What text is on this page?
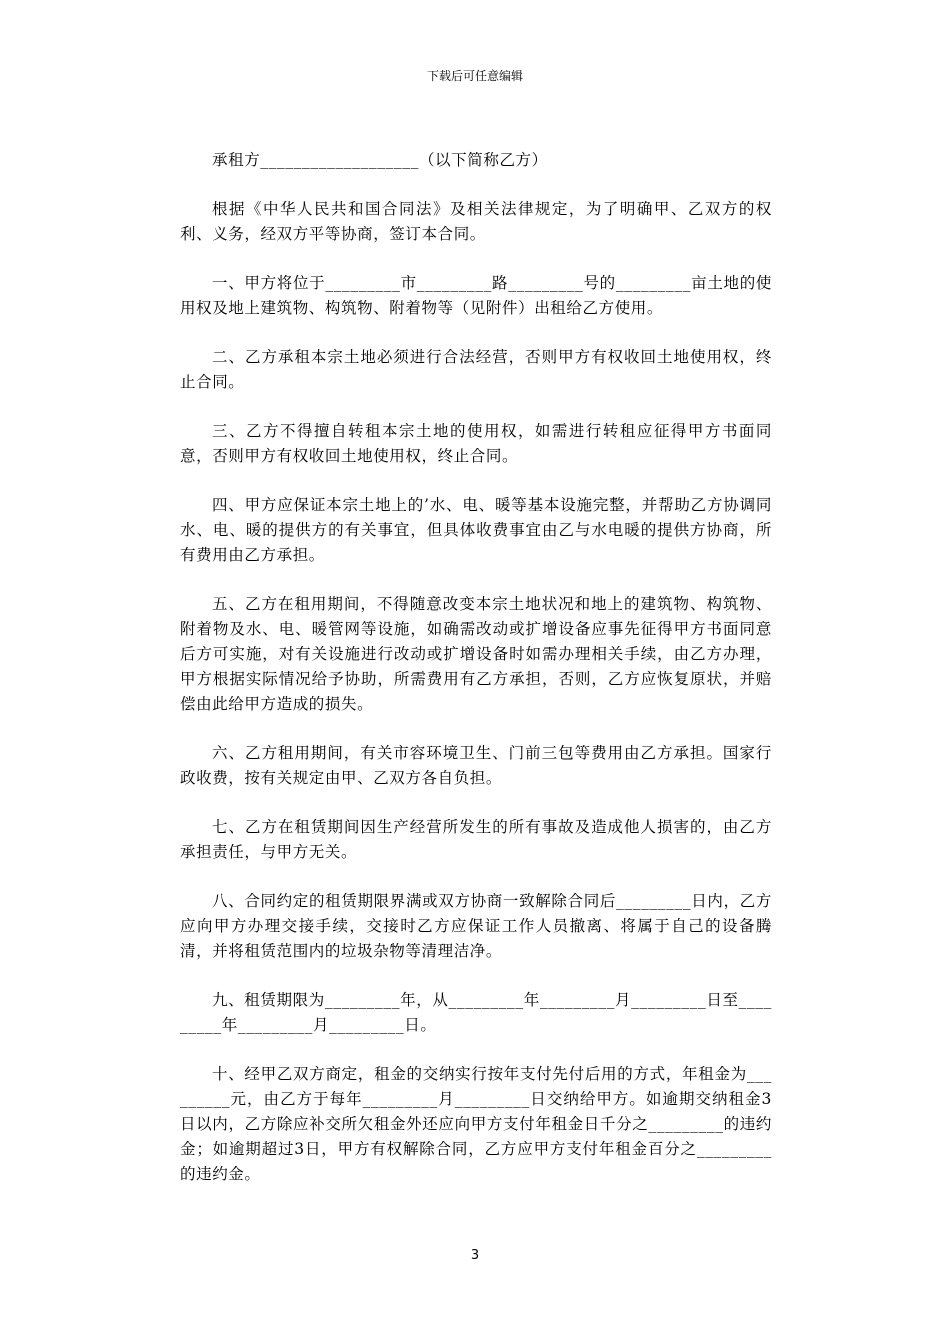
下载后可任意编辑

承租方___________________（以下简称乙方）

根据《中华人民共和国合同法》及相关法律规定，为了明确甲、乙双方的权利、义务，经双方平等协商，签订本合同。

一、甲方将位于_________市_________路_________号的_________亩土地的使用权及地上建筑物、构筑物、附着物等（见附件）出租给乙方使用。

二、乙方承租本宗土地必须进行合法经营，否则甲方有权收回土地使用权，终止合同。

三、乙方不得擅自转租本宗土地的使用权，如需进行转租应征得甲方书面同意，否则甲方有权收回土地使用权，终止合同。

四、甲方应保证本宗土地上的’水、电、暖等基本设施完整，并帮助乙方协调同水、电、暖的提供方的有关事宜，但具体收费事宜由乙与水电暖的提供方协商，所有费用由乙方承担。

五、乙方在租用期间，不得随意改变本宗土地状况和地上的建筑物、构筑物、附着物及水、电、暖管网等设施，如确需改动或扩增设备应事先征得甲方书面同意后方可实施，对有关设施进行改动或扩增设备时如需办理相关手续，由乙方办理，甲方根据实际情况给予协助，所需费用有乙方承担，否则，乙方应恢复原状，并赔偿由此给甲方造成的损失。

六、乙方租用期间，有关市容环境卫生、门前三包等费用由乙方承担。国家行政收费，按有关规定由甲、乙双方各自负担。

七、乙方在租赁期间因生产经营所发生的所有事故及造成他人损害的，由乙方承担责任，与甲方无关。

八、合同约定的租赁期限界满或双方协商一致解除合同后_________日内，乙方应向甲方办理交接手续，交接时乙方应保证工作人员撤离、将属于自己的设备腾清，并将租赁范围内的垃圾杂物等清理洁净。

九、租赁期限为_________年，从_________年_________月_________日至_________年_________月_________日。

十、经甲乙双方商定，租金的交纳实行按年支付先付后用的方式，年租金为_________元，由乙方于每年_________月_________日交纳给甲方。如逾期交纳租金3日以内，乙方除应补交所欠租金外还应向甲方支付年租金日千分之_________的违约金；如逾期超过3日，甲方有权解除合同，乙方应甲方支付年租金百分之_________的违约金。

3
